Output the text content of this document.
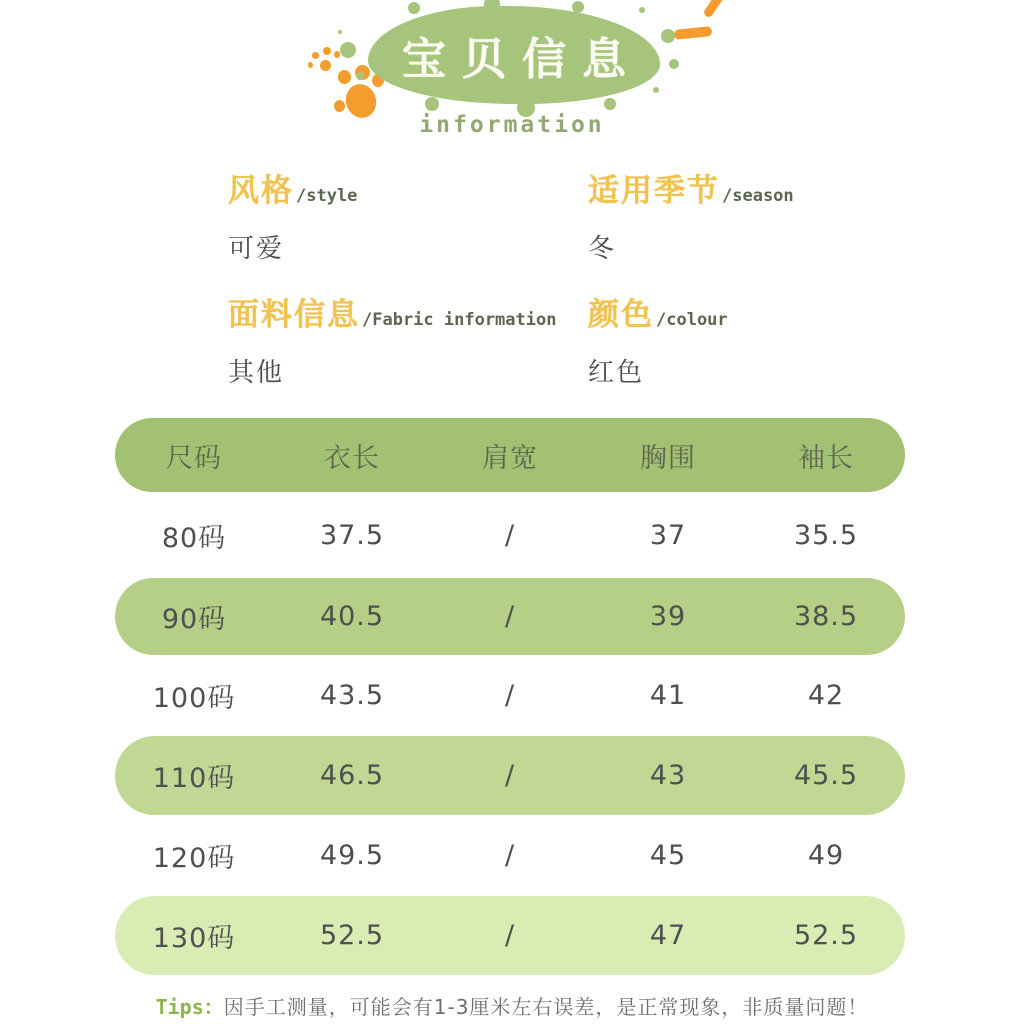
宝贝信息
information
风格 /style
可爱
适用季节 /season
冬
面料信息 /Fabric information
其他
颜色 /colour
红色
尺码	衣长	肩宽	胸围	袖长
80码	37.5	/	37	35.5
90码	40.5	/	39	38.5
100码	43.5	/	41	42
110码	46.5	/	43	45.5
120码	49.5	/	45	49
130码	52.5	/	47	52.5
Tips：因手工测量，可能会有1-3厘米左右误差，是正常现象，非质量问题！
